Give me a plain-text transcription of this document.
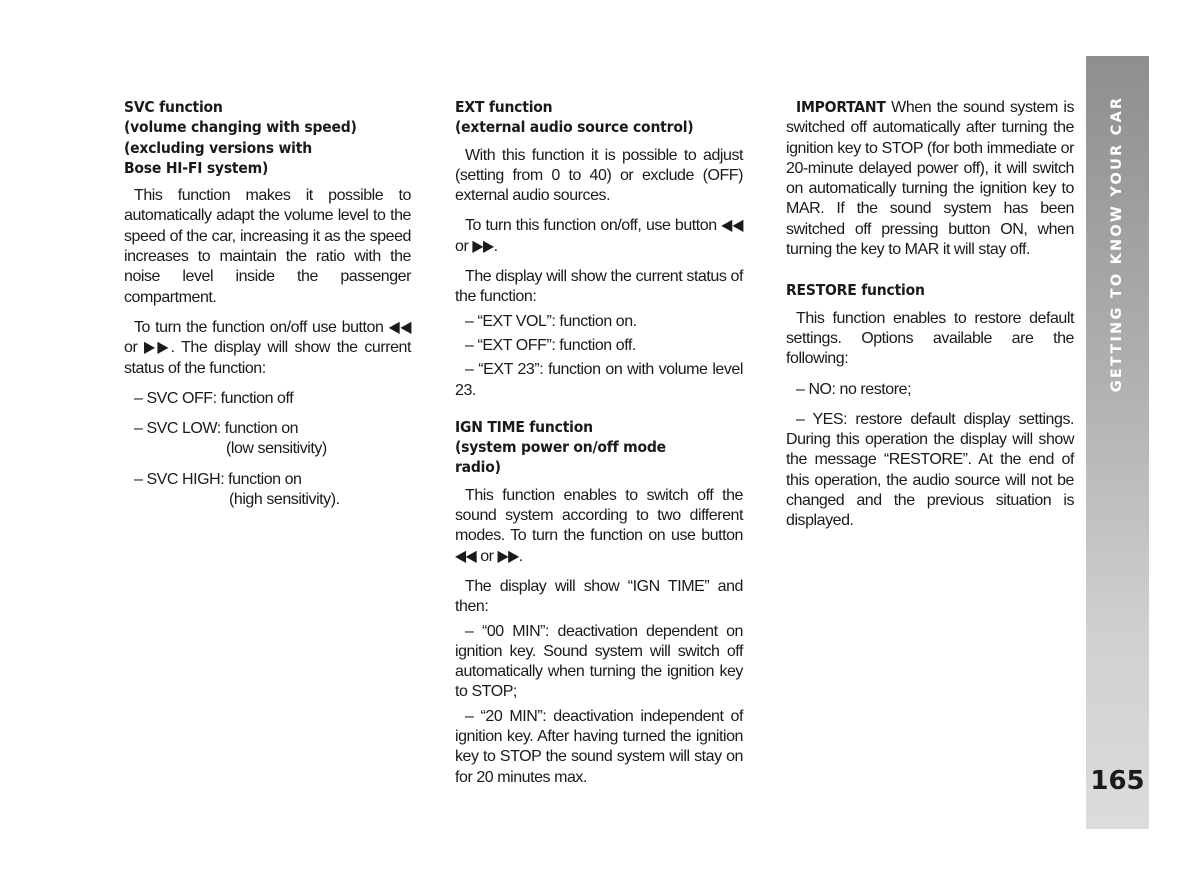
SVC function
(volume changing with speed)
(excluding versions with
Bose HI-FI system)

This function makes it possible to automatically adapt the volume level to the speed of the car, increasing it as the speed increases to maintain the ratio with the noise level inside the passenger compartment.

To turn the function on/off use button ◀◀ or ▶▶. The display will show the current status of the function:

– SVC OFF: function off

– SVC LOW: function on
(low sensitivity)

– SVC HIGH: function on
(high sensitivity).

EXT function
(external audio source control)

With this function it is possible to adjust (setting from 0 to 40) or exclude (OFF) external audio sources.

To turn this function on/off, use button ◀◀ or ▶▶.

The display will show the current status of the function:

– “EXT VOL”: function on.

– “EXT OFF”: function off.

– “EXT 23”: function on with volume level 23.

IGN TIME function
(system power on/off mode
radio)

This function enables to switch off the sound system according to two different modes. To turn the function on use button ◀◀ or ▶▶.

The display will show “IGN TIME” and then:

– “00 MIN”: deactivation dependent on ignition key. Sound system will switch off automatically when turning the ignition key to STOP;

– “20 MIN”: deactivation independent of ignition key. After having turned the ignition key to STOP the sound system will stay on for 20 minutes max.

IMPORTANT When the sound system is switched off automatically after turning the ignition key to STOP (for both immediate or 20-minute delayed power off), it will switch on automatically turning the ignition key to MAR. If the sound system has been switched off pressing button ON, when turning the key to MAR it will stay off.

RESTORE function

This function enables to restore default settings. Options available are the following:

– NO: no restore;

– YES: restore default display settings. During this operation the display will show the message “RESTORE”. At the end of this operation, the audio source will not be changed and the previous situation is displayed.

GETTING TO KNOW YOUR CAR
165
